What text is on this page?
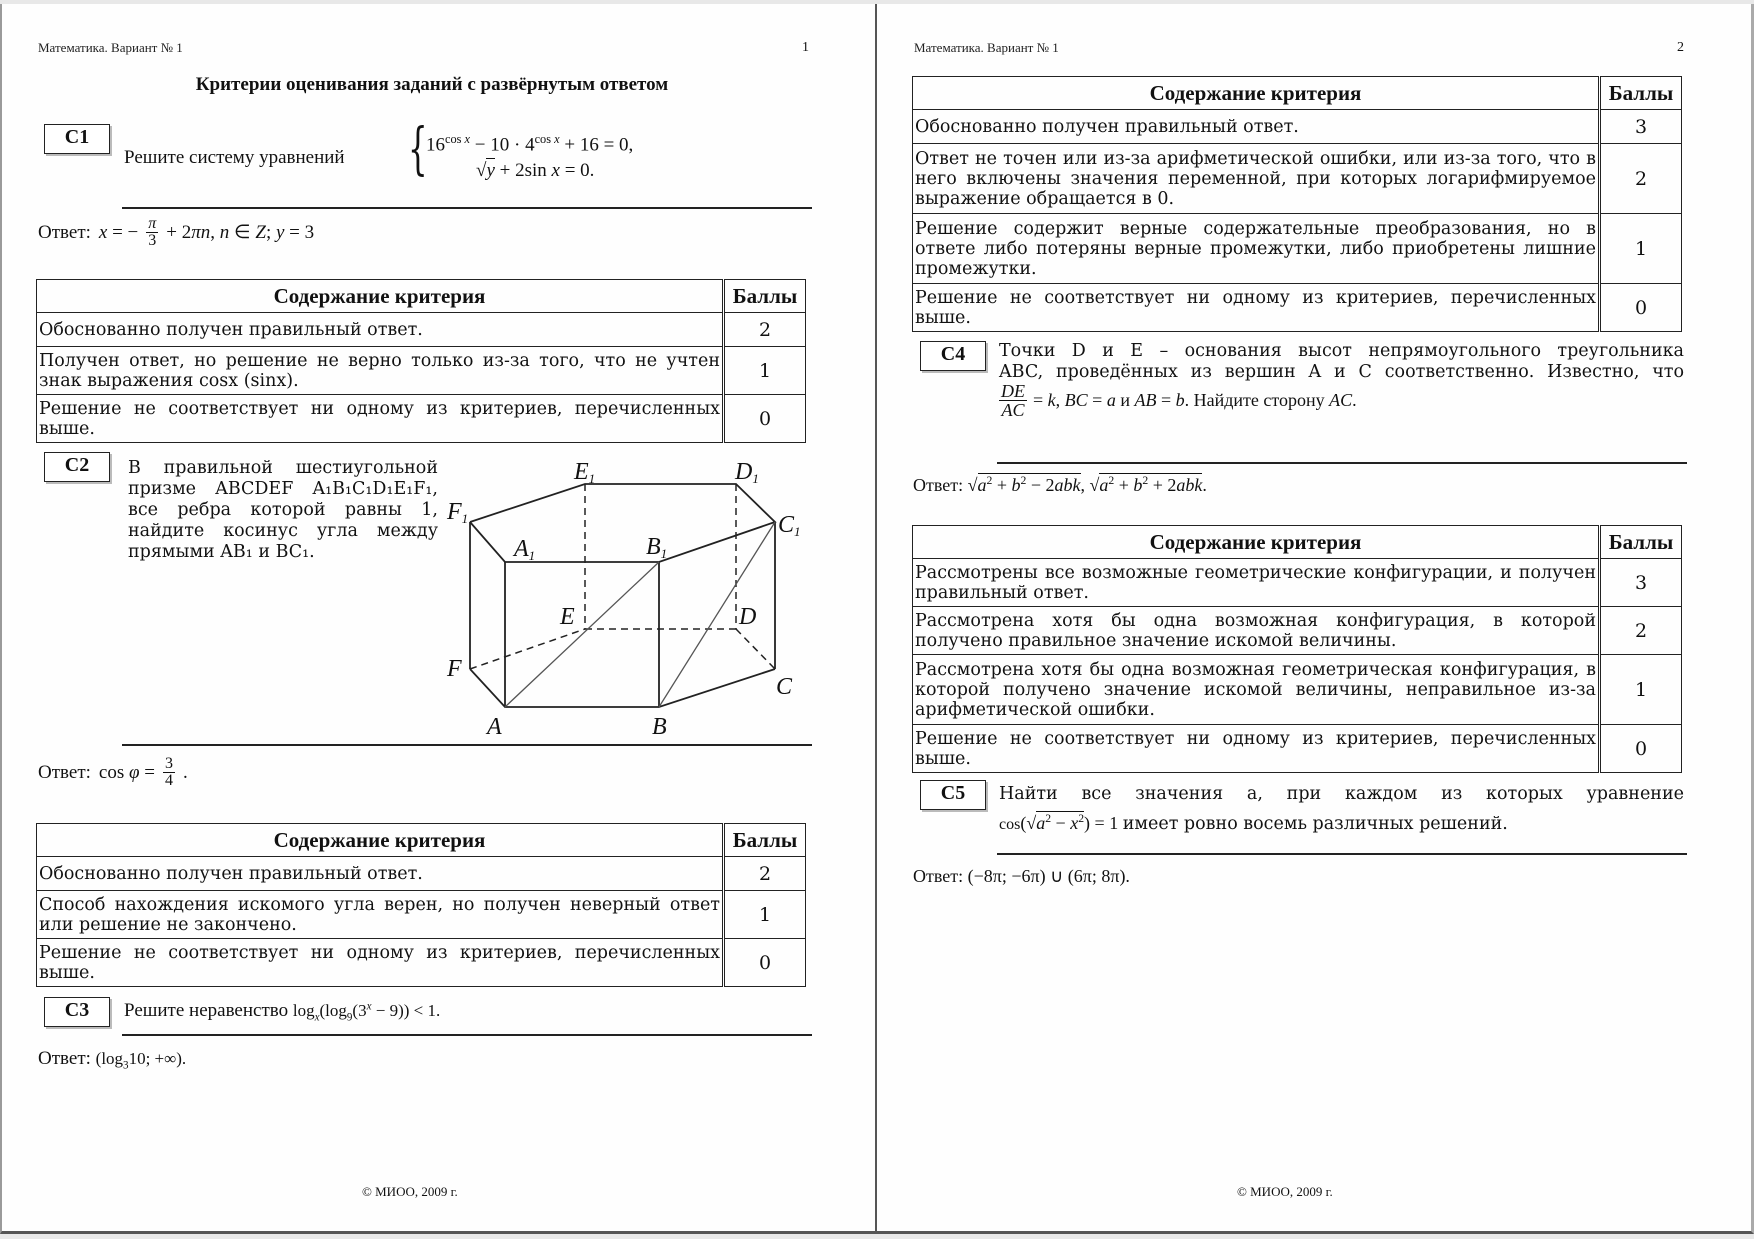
Математика. Вариант № 1	1
Критерии оценивания заданий с развёрнутым ответом
C1
Решите систему уравнений {
$16^{cos x} - 10 \cdot 4^{cos x} + 16 = 0$,
√y + 2sin x = 0.
Ответ: x = − $\frac{\pi}{3} + 2\pi n$, n ∈ Z; y = 3
Содержание критерия	Баллы
Обоснованно получен правильный ответ.	2
Получен ответ, но решение не верно только из-за того, что не учтен знак выражения cosx (sinx).	1
Решение не соответствует ни одному из критериев, перечисленных выше.	0
C2	В правильной шестиугольной
призме ABCDEF A₁B₁C₁D₁E₁F₁,
все ребра которой равны 1,
найдите косинус угла между
прямыми AB₁ и BC₁.
A	B
C
D
E
F
A1	B1
C1
D1
E1
F1
Ответ: $\cos \varphi = \frac{3}{4}$ .
Содержание критерия	Баллы
Обоснованно получен правильный ответ.	2
Способ нахождения искомого угла верен, но получен неверный ответ или решение не закончено.	1
Решение не соответствует ни одному из критериев, перечисленных выше.	0
C3	Решите неравенство $\log_x(\log_9(3^x - 9)) < 1$.
Ответ: ($\log_310$; +∞).
© МИОО, 2009 г.
Математика. Вариант № 1	2
Содержание критерия	Баллы
Обоснованно получен правильный ответ.	3
Ответ не точен или из-за арифметической ошибки, или из-за того, что в него включены значения переменной, при которых логарифмируемое выражение обращается в 0.	2
Решение содержит верные содержательные преобразования, но в ответе либо потеряны верные промежутки, либо приобретены лишние промежутки.	1
Решение не соответствует ни одному из критериев, перечисленных выше.	0
C4	Точки D и E – основания высот непрямоугольного треугольника
ABC, проведённых из вершин A и C соответственно. Известно, что
$\frac{DE}{AC} = k$, BC = a и AB = b. Найдите сторону AC.
Ответ: $√a^2 + b^2 - 2abk$, $√a^2 + b^2 + 2abk$.
Содержание критерия	Баллы
Рассмотрены все возможные геометрические конфигурации, и получен правильный ответ.	3
Рассмотрена хотя бы одна возможная конфигурация, в которой получено правильное значение искомой величины.	2
Рассмотрена хотя бы одна возможная геометрическая конфигурация, в которой получено значение искомой величины, неправильное из-за арифметической ошибки.	1
Решение не соответствует ни одному из критериев, перечисленных выше.	0
C5	Найти все значения a, при каждом из которых уравнение
$\cos(√a^2 - x^2) = 1$ имеет ровно восемь различных решений.
Ответ: (−8π; −6π) ∪ (6π; 8π).
© МИОО, 2009 г.
